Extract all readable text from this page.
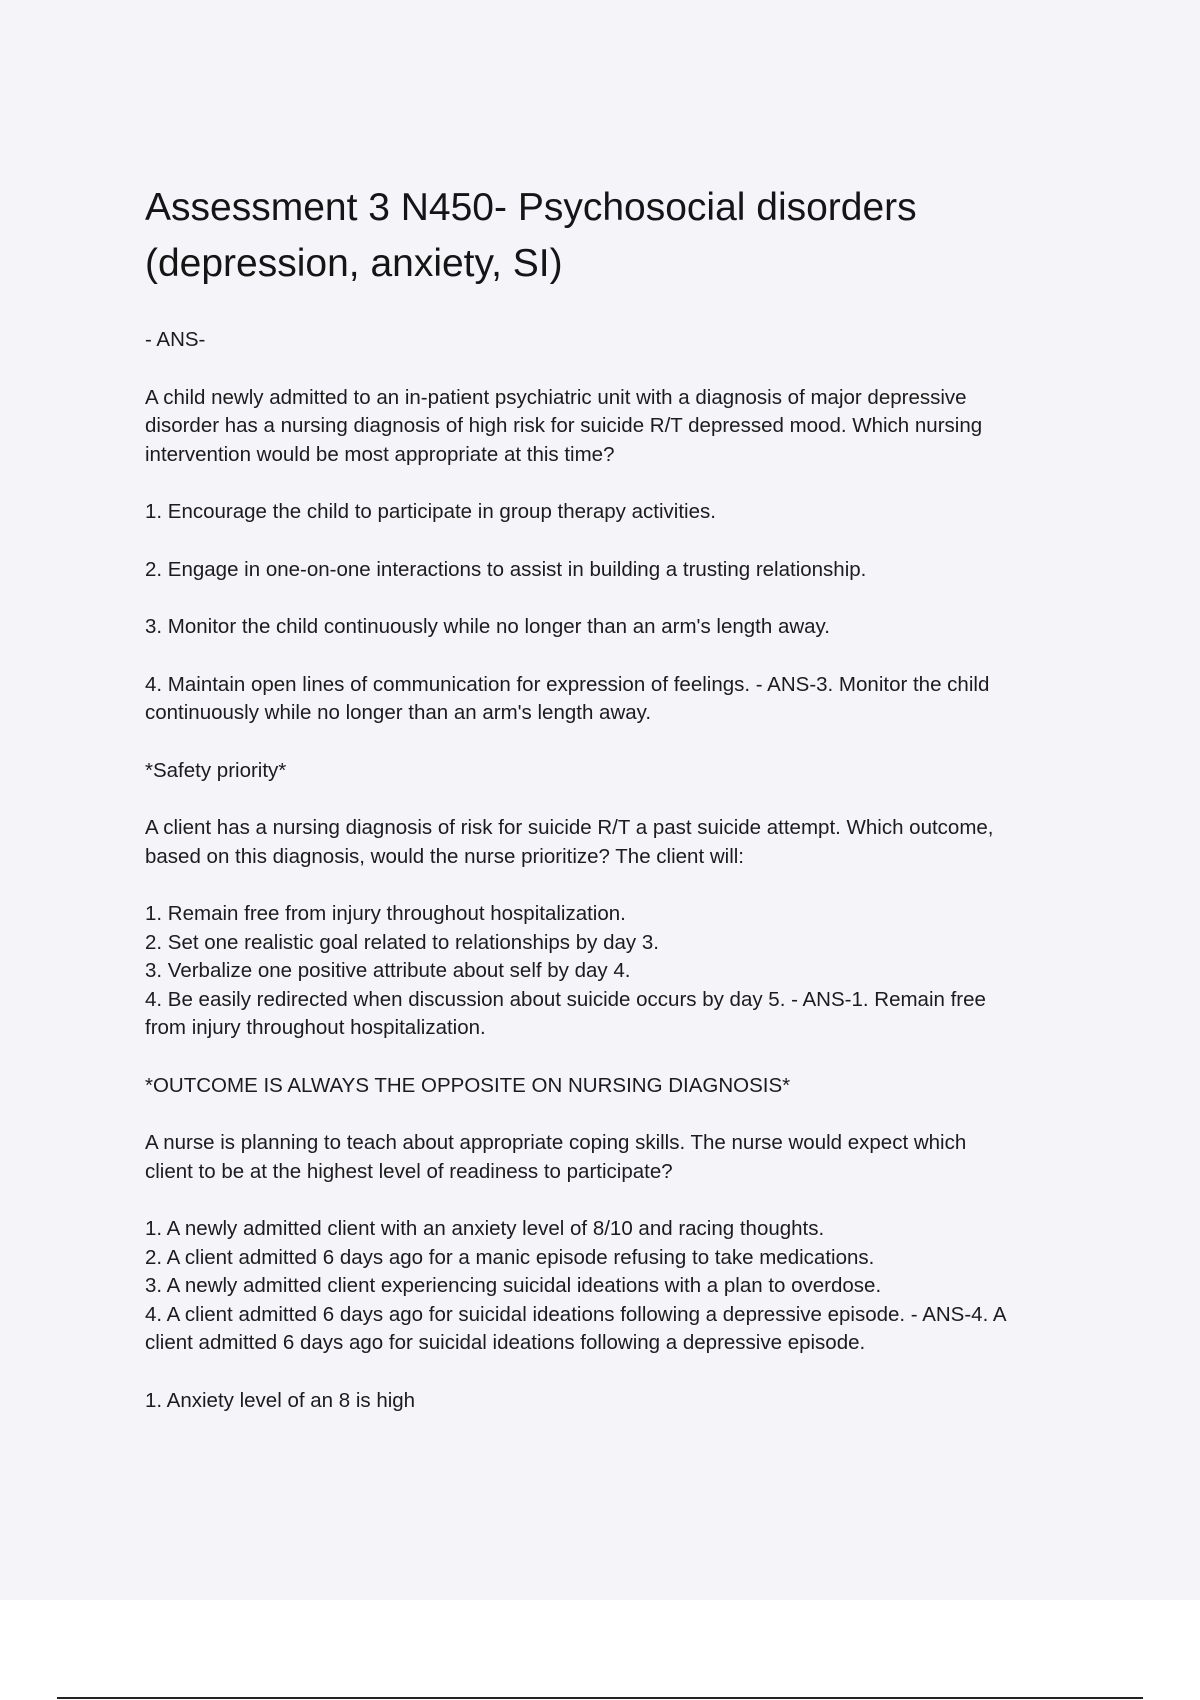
Assessment 3 N450- Psychosocial disorders
(depression, anxiety, SI)

- ANS-

A child newly admitted to an in-patient psychiatric unit with a diagnosis of major depressive
disorder has a nursing diagnosis of high risk for suicide R/T depressed mood. Which nursing
intervention would be most appropriate at this time?

1. Encourage the child to participate in group therapy activities.

2. Engage in one-on-one interactions to assist in building a trusting relationship.

3. Monitor the child continuously while no longer than an arm's length away.

4. Maintain open lines of communication for expression of feelings. - ANS-3. Monitor the child
continuously while no longer than an arm's length away.

*Safety priority*

A client has a nursing diagnosis of risk for suicide R/T a past suicide attempt. Which outcome,
based on this diagnosis, would the nurse prioritize? The client will:

1. Remain free from injury throughout hospitalization.
2. Set one realistic goal related to relationships by day 3.
3. Verbalize one positive attribute about self by day 4.
4. Be easily redirected when discussion about suicide occurs by day 5. - ANS-1. Remain free
from injury throughout hospitalization.

*OUTCOME IS ALWAYS THE OPPOSITE ON NURSING DIAGNOSIS*

A nurse is planning to teach about appropriate coping skills. The nurse would expect which
client to be at the highest level of readiness to participate?

1. A newly admitted client with an anxiety level of 8/10 and racing thoughts.
2. A client admitted 6 days ago for a manic episode refusing to take medications.
3. A newly admitted client experiencing suicidal ideations with a plan to overdose.
4. A client admitted 6 days ago for suicidal ideations following a depressive episode. - ANS-4. A
client admitted 6 days ago for suicidal ideations following a depressive episode.

1. Anxiety level of an 8 is high
